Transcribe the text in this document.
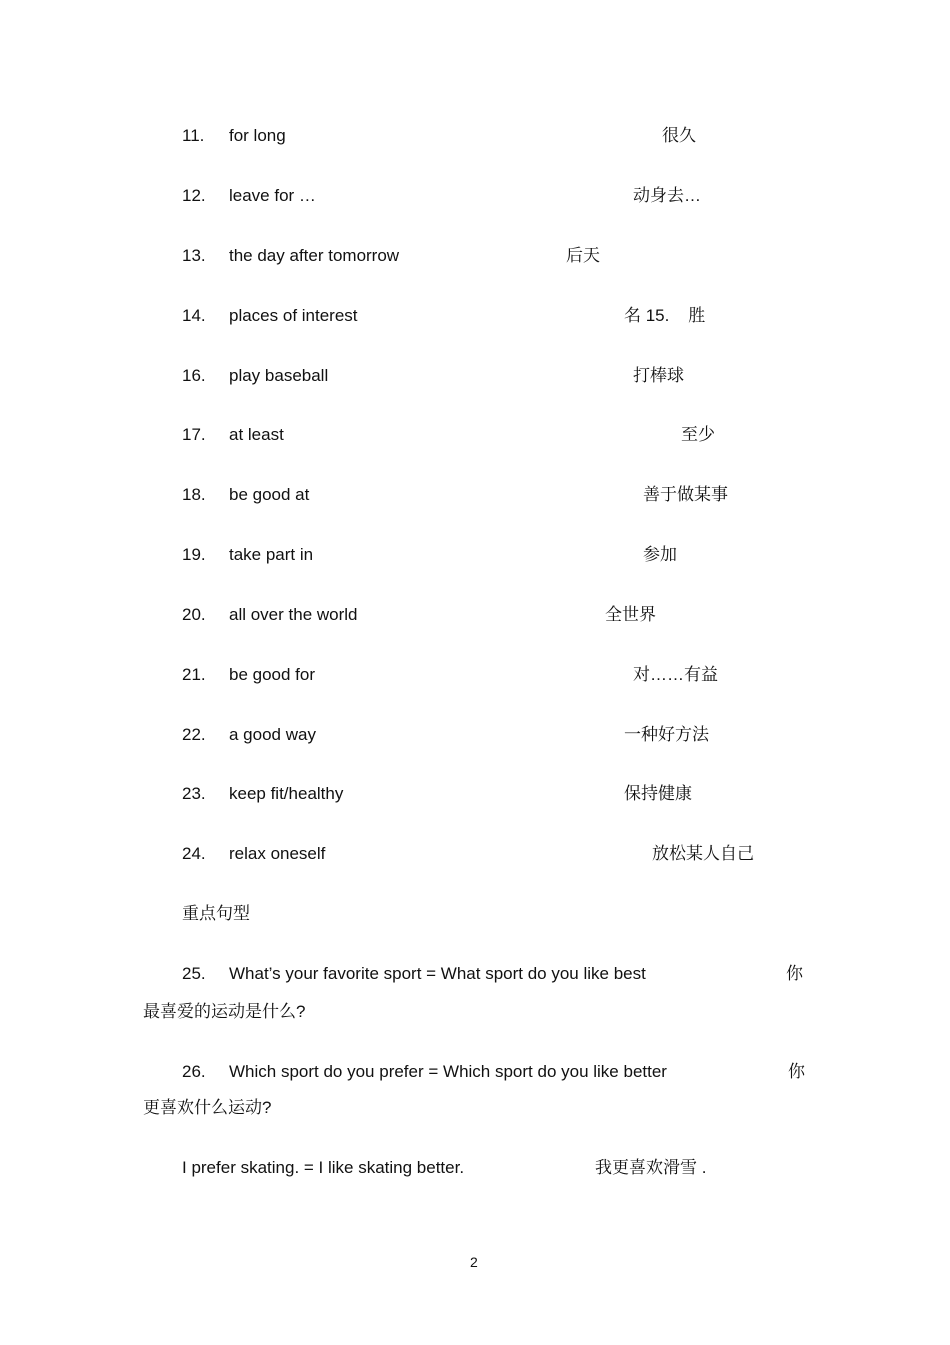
11.	for long	很久
12.	leave for …	动身去…
13.	the day after tomorrow	后天
14.	places of interest	名 15.    胜
16.	play baseball	打棒球
17.	at least	至少
18.	be good at	善于做某事
19.	take part in	参加
20.	all over the world	全世界
21.	be good for	对……有益
22.	a good way	一种好方法
23.	keep fit/healthy	保持健康
24.	relax oneself	放松某人自己
重点句型
25.	What’s your favorite sport = What sport do you like best	你
最喜爱的运动是什么?
26.	Which sport do you prefer = Which sport do you like better	你
更喜欢什么运动?
I prefer skating. = I like skating better.	我更喜欢滑雪 .
2
